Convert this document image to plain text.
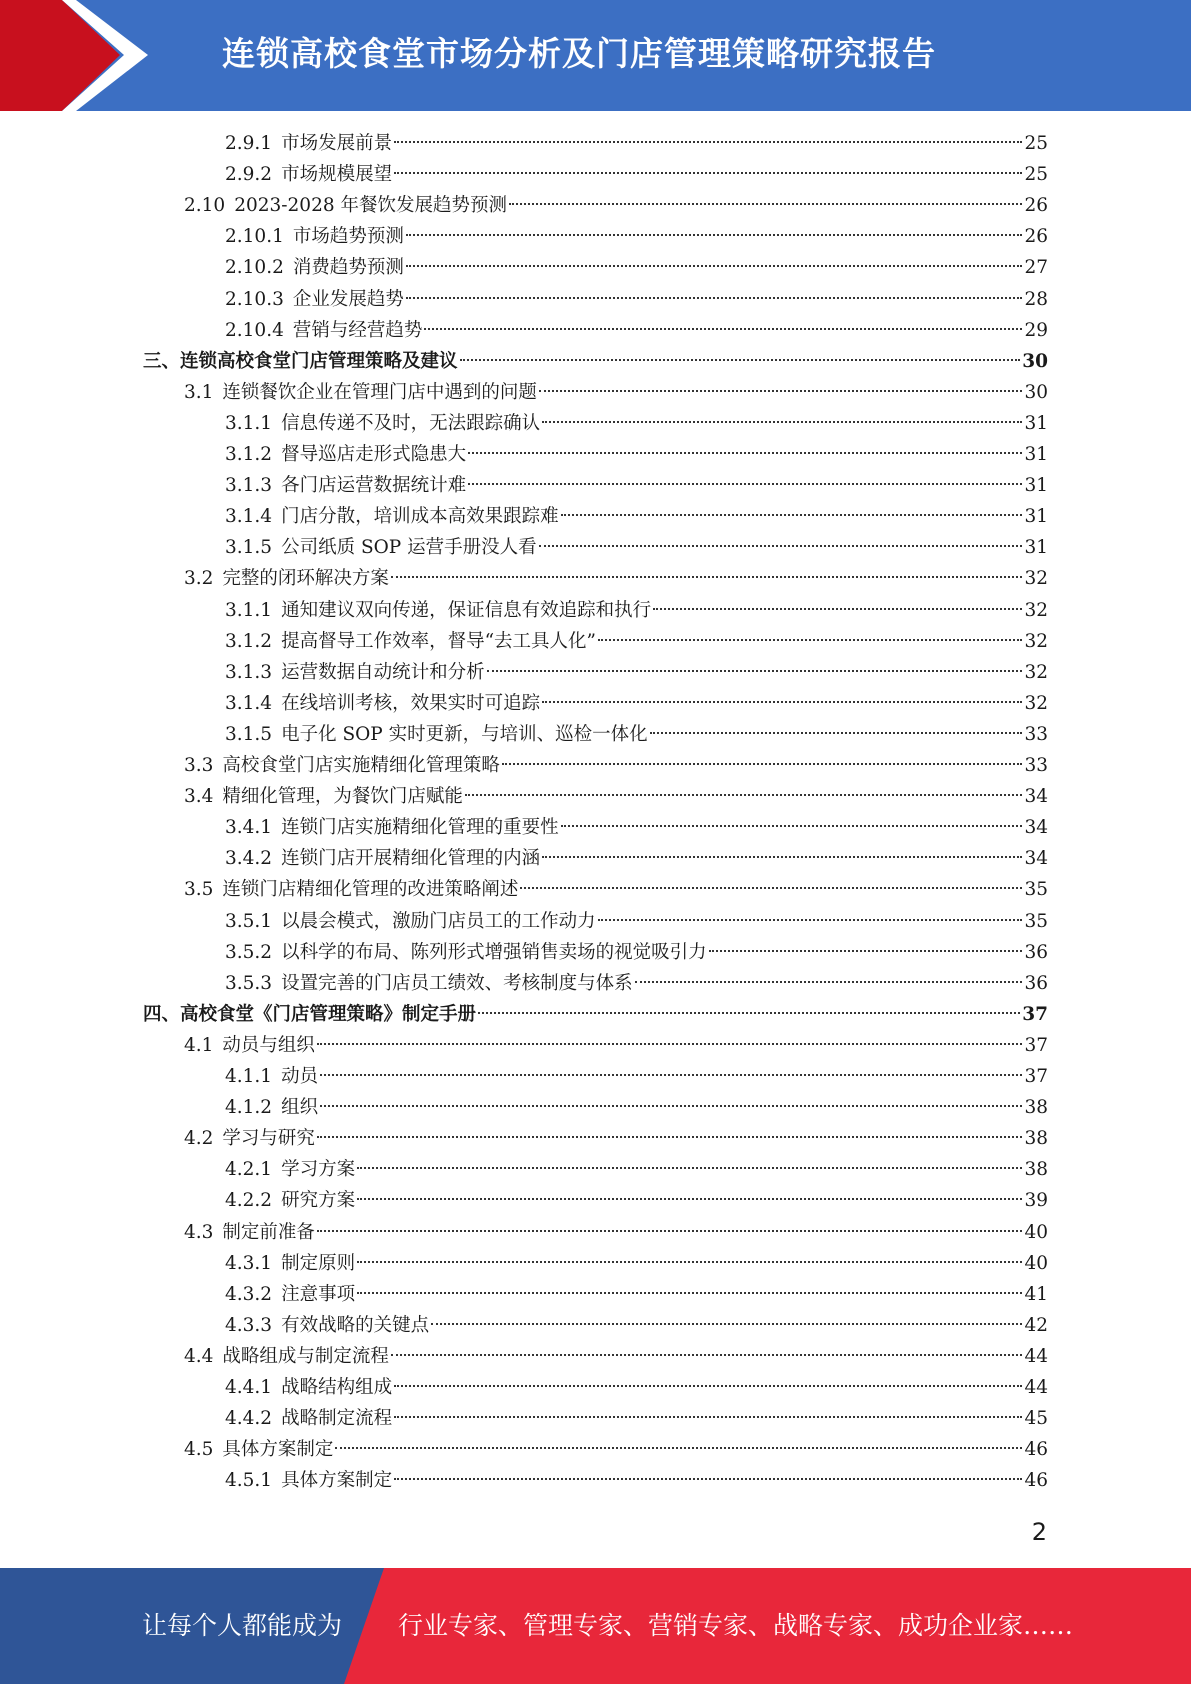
连锁高校食堂市场分析及门店管理策略研究报告
2.9.1 市场发展前景	25
2.9.2 市场规模展望	25
2.10 2023-2028 年餐饮发展趋势预测	26
2.10.1 市场趋势预测	26
2.10.2 消费趋势预测	27
2.10.3 企业发展趋势	28
2.10.4 营销与经营趋势	29
三、连锁高校食堂门店管理策略及建议	30
3.1 连锁餐饮企业在管理门店中遇到的问题	30
3.1.1 信息传递不及时，无法跟踪确认	31
3.1.2 督导巡店走形式隐患大	31
3.1.3 各门店运营数据统计难	31
3.1.4 门店分散，培训成本高效果跟踪难	31
3.1.5 公司纸质 SOP 运营手册没人看	31
3.2 完整的闭环解决方案	32
3.1.1 通知建议双向传递，保证信息有效追踪和执行	32
3.1.2 提高督导工作效率，督导“去工具人化”	32
3.1.3 运营数据自动统计和分析	32
3.1.4 在线培训考核，效果实时可追踪	32
3.1.5 电子化 SOP 实时更新，与培训、巡检一体化	33
3.3 高校食堂门店实施精细化管理策略	33
3.4 精细化管理，为餐饮门店赋能	34
3.4.1 连锁门店实施精细化管理的重要性	34
3.4.2 连锁门店开展精细化管理的内涵	34
3.5 连锁门店精细化管理的改进策略阐述	35
3.5.1 以晨会模式，激励门店员工的工作动力	35
3.5.2 以科学的布局、陈列形式增强销售卖场的视觉吸引力	36
3.5.3 设置完善的门店员工绩效、考核制度与体系	36
四、高校食堂《门店管理策略》制定手册	37
4.1 动员与组织	37
4.1.1 动员	37
4.1.2 组织	38
4.2 学习与研究	38
4.2.1 学习方案	38
4.2.2 研究方案	39
4.3 制定前准备	40
4.3.1 制定原则	40
4.3.2 注意事项	41
4.3.3 有效战略的关键点	42
4.4 战略组成与制定流程	44
4.4.1 战略结构组成	44
4.4.2 战略制定流程	45
4.5 具体方案制定	46
4.5.1 具体方案制定	46
2
让每个人都能成为 行业专家、管理专家、营销专家、战略专家、成功企业家……
